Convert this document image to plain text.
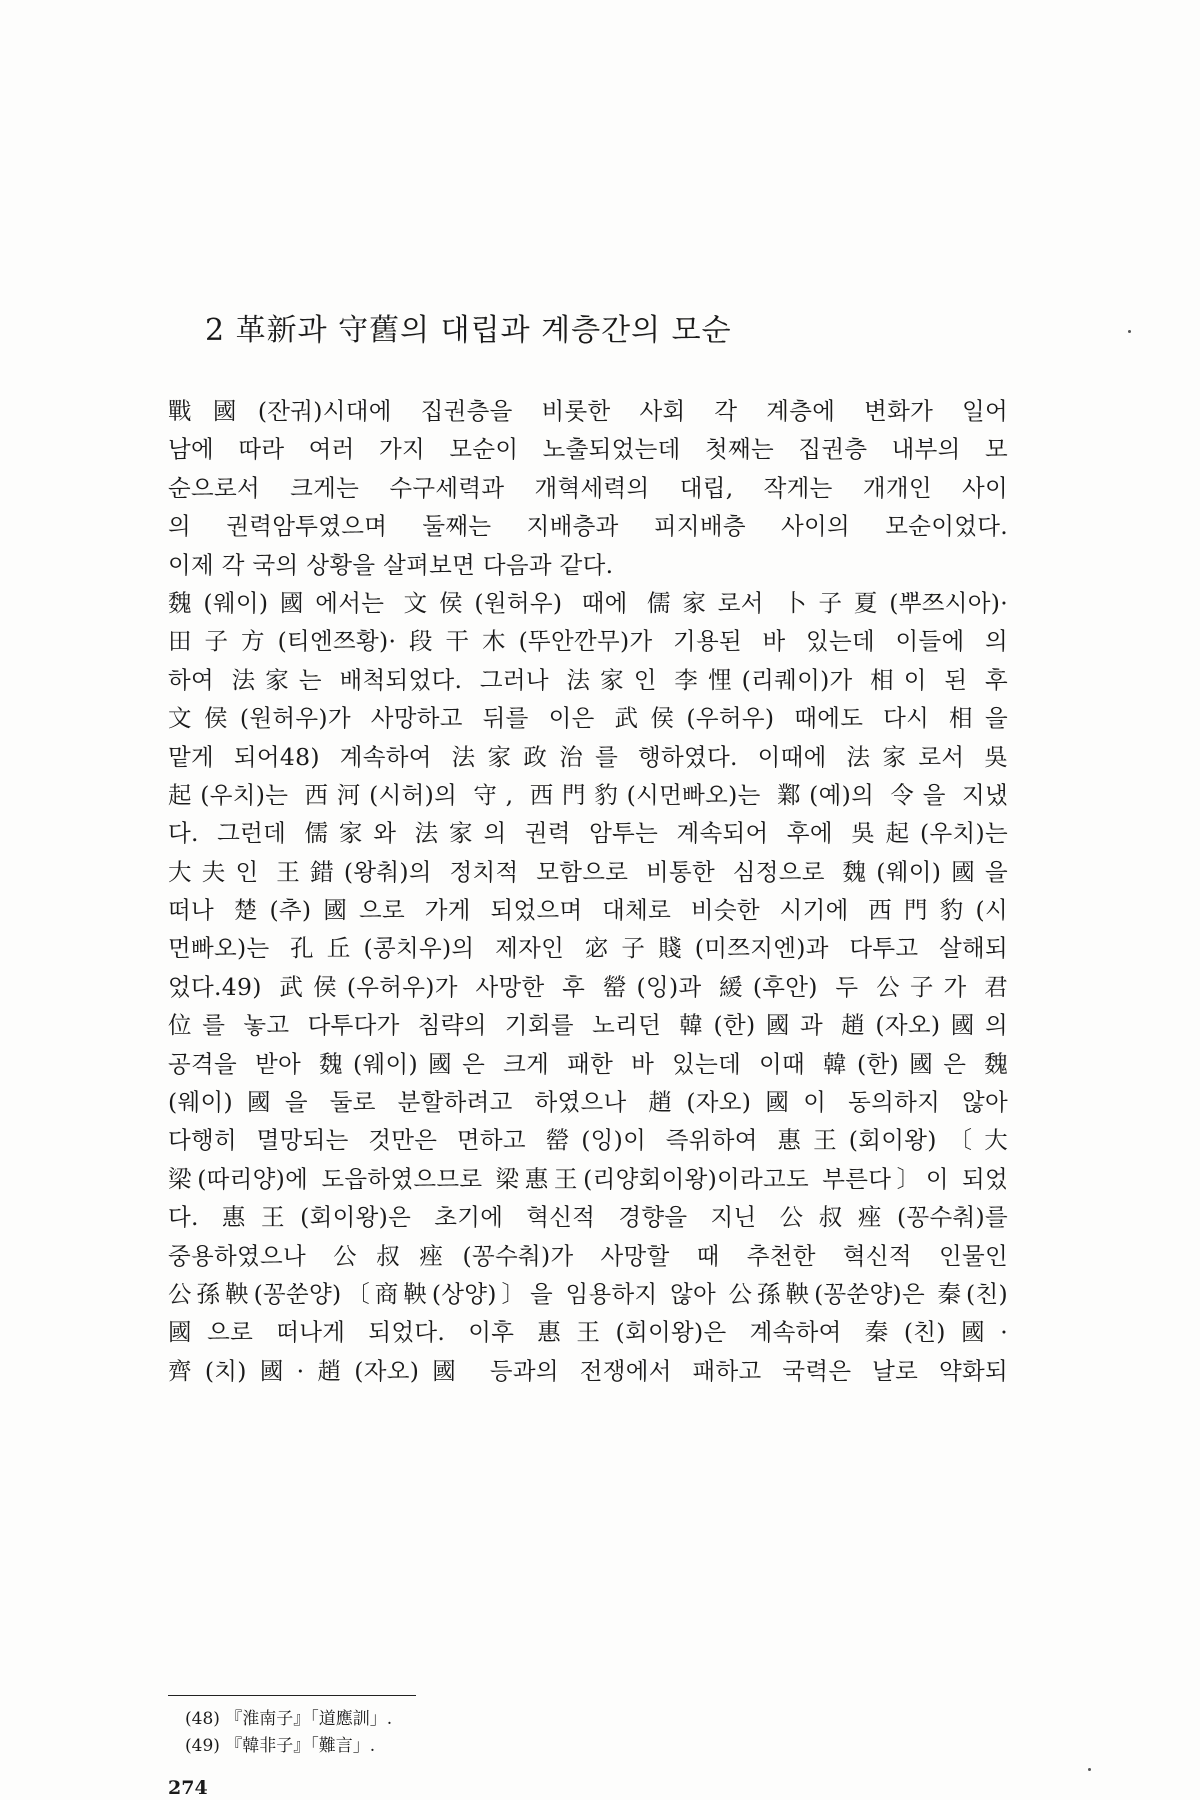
2 革新과 守舊의 대립과 계층간의 모순
戰國(잔궈)시대에 집권층을 비롯한 사회 각 계층에 변화가 일어
남에 따라 여러 가지 모순이 노출되었는데 첫째는 집권층 내부의 모
순으로서 크게는 수구세력과 개혁세력의 대립, 작게는 개개인 사이
의 권력암투였으며 둘째는 지배층과 피지배층 사이의 모순이었다.
이제 각 국의 상황을 살펴보면 다음과 같다.
魏(웨이)國에서는 文侯(원허우) 때에 儒家로서 卜子夏(뿌쯔시아)·
田子方(티엔쯔황)·段干木(뚜안깐무)가 기용된 바 있는데 이들에 의
하여 法家는 배척되었다. 그러나 法家인 李悝(리퀘이)가 相이 된 후
文侯(원허우)가 사망하고 뒤를 이은 武侯(우허우) 때에도 다시 相을
맡게 되어48) 계속하여 法家政治를 행하였다. 이때에 法家로서 吳
起(우치)는 西河(시허)의 守, 西門豹(시먼빠오)는 鄴(예)의 令을 지냈
다. 그런데 儒家와 法家의 권력 암투는 계속되어 후에 吳起(우치)는
大夫인 王錯(왕춰)의 정치적 모함으로 비통한 심정으로 魏(웨이)國을
떠나 楚(추)國으로 가게 되었으며 대체로 비슷한 시기에 西門豹(시
먼빠오)는 孔丘(콩치우)의 제자인 宓子賤(미쯔지엔)과 다투고 살해되
었다.49) 武侯(우허우)가 사망한 후 罃(잉)과 緩(후안) 두 公子가 君
位를 놓고 다투다가 침략의 기회를 노리던 韓(한)國과 趙(자오)國의
공격을 받아 魏(웨이)國은 크게 패한 바 있는데 이때 韓(한)國은 魏
(웨이)國을 둘로 분할하려고 하였으나 趙(자오)國이 동의하지 않아
다행히 멸망되는 것만은 면하고 罃(잉)이 즉위하여 惠王(회이왕)〔大
梁(따리양)에 도읍하였으므로 梁惠王(리양회이왕)이라고도 부른다〕이 되었
다. 惠王(회이왕)은 초기에 혁신적 경향을 지닌 公叔痤(꽁수춰)를
중용하였으나 公叔痤(꽁수춰)가 사망할 때 추천한 혁신적 인물인
公孫鞅(꽁쑨양)〔商鞅(상양)〕을 임용하지 않아 公孫鞅(꽁쑨양)은 秦(친)
國으로 떠나게 되었다. 이후 惠王(회이왕)은 계속하여 秦(친)國·
齊(치)國·趙(자오)國 등과의 전쟁에서 패하고 국력은 날로 약화되
(48) 『淮南子』「道應訓」.
(49) 『韓非子』「難言」.
274
